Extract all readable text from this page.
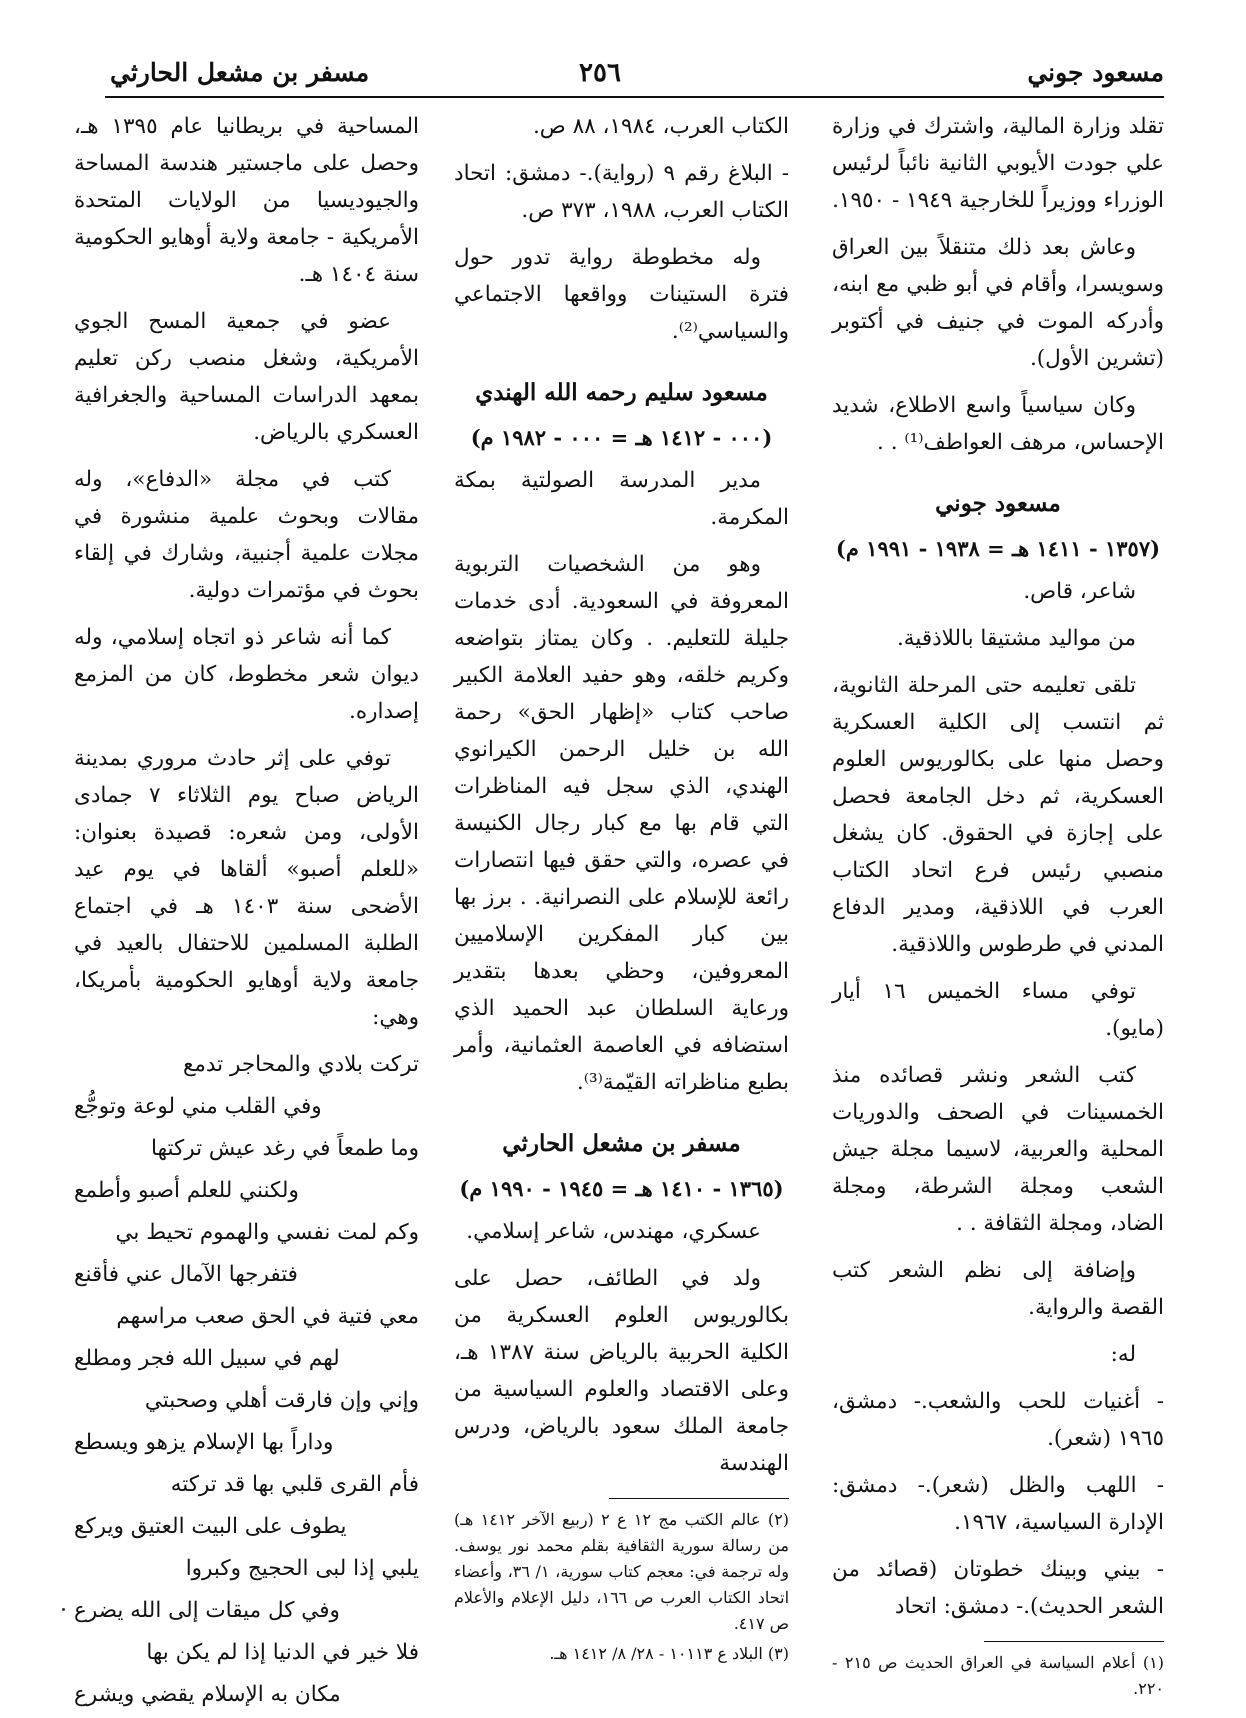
مسعود جوني
٢٥٦
مسفر بن مشعل الحارثي

تقلد وزارة المالية، واشترك في وزارة علي جودت الأيوبي الثانية نائباً لرئيس الوزراء ووزيراً للخارجية ١٩٤٩ - ١٩٥٠.

وعاش بعد ذلك متنقلاً بين العراق وسويسرا، وأقام في أبو ظبي مع ابنه، وأدركه الموت في جنيف في أكتوبر (تشرين الأول).

وكان سياسياً واسع الاطلاع، شديد الإحساس، مرهف العواطف⁽¹⁾ . .

مسعود جوني

(١٣٥٧ - ١٤١١ هـ = ١٩٣٨ - ١٩٩١ م)

شاعر، قاص.

من مواليد مشتيقا باللاذقية.

تلقى تعليمه حتى المرحلة الثانوية، ثم انتسب إلى الكلية العسكرية وحصل منها على بكالوريوس العلوم العسكرية، ثم دخل الجامعة فحصل على إجازة في الحقوق. كان يشغل منصبي رئيس فرع اتحاد الكتاب العرب في اللاذقية، ومدير الدفاع المدني في طرطوس واللاذقية.

توفي مساء الخميس ١٦ أيار (مايو).

كتب الشعر ونشر قصائده منذ الخمسينات في الصحف والدوريات المحلية والعربية، لاسيما مجلة جيش الشعب ومجلة الشرطة، ومجلة الضاد، ومجلة الثقافة . .

وإضافة إلى نظم الشعر كتب القصة والرواية.

له:

- أغنيات للحب والشعب.- دمشق، ١٩٦٥ (شعر).

- اللهب والظل (شعر).- دمشق: الإدارة السياسية، ١٩٦٧.

- بيني وبينك خطوتان (قصائد من الشعر الحديث).- دمشق: اتحاد

(١) أعلام السياسة في العراق الحديث ص ٢١٥ - ٢٢٠.

الكتاب العرب، ١٩٨٤، ٨٨ ص.

- البلاغ رقم ٩ (رواية).- دمشق: اتحاد الكتاب العرب، ١٩٨٨، ٣٧٣ ص.

وله مخطوطة رواية تدور حول فترة الستينات وواقعها الاجتماعي والسياسي⁽²⁾.

مسعود سليم رحمه الله الهندي

(٠٠٠ - ١٤١٢ هـ = ٠٠٠ - ١٩٨٢ م)

مدير المدرسة الصولتية بمكة المكرمة.

وهو من الشخصيات التربوية المعروفة في السعودية. أدى خدمات جليلة للتعليم. . وكان يمتاز بتواضعه وكريم خلقه، وهو حفيد العلامة الكبير صاحب كتاب «إظهار الحق» رحمة الله بن خليل الرحمن الكيرانوي الهندي، الذي سجل فيه المناظرات التي قام بها مع كبار رجال الكنيسة في عصره، والتي حقق فيها انتصارات رائعة للإسلام على النصرانية. . برز بها بين كبار المفكرين الإسلاميين المعروفين، وحظي بعدها بتقدير ورعاية السلطان عبد الحميد الذي استضافه في العاصمة العثمانية، وأمر بطبع مناظراته القيّمة⁽³⁾.

مسفر بن مشعل الحارثي

(١٣٦٥ - ١٤١٠ هـ = ١٩٤٥ - ١٩٩٠ م)

عسكري، مهندس، شاعر إسلامي.

ولد في الطائف، حصل على بكالوريوس العلوم العسكرية من الكلية الحربية بالرياض سنة ١٣٨٧ هـ، وعلى الاقتصاد والعلوم السياسية من جامعة الملك سعود بالرياض، ودرس الهندسة

(٢) عالم الكتب مج ١٢ ع ٢ (ربيع الآخر ١٤١٢ هـ) من رسالة سورية الثقافية بقلم محمد نور يوسف. وله ترجمة في: معجم كتاب سورية، ١/ ٣٦، وأعضاء اتحاد الكتاب العرب ص ١٦٦، دليل الإعلام والأعلام ص ٤١٧.

(٣) البلاد ع ١٠١١٣ - ٢٨/ ٨/ ١٤١٢ هـ.

المساحية في بريطانيا عام ١٣٩٥ هـ، وحصل على ماجستير هندسة المساحة والجيوديسيا من الولايات المتحدة الأمريكية - جامعة ولاية أوهايو الحكومية سنة ١٤٠٤ هـ.

عضو في جمعية المسح الجوي الأمريكية، وشغل منصب ركن تعليم بمعهد الدراسات المساحية والجغرافية العسكري بالرياض.

كتب في مجلة «الدفاع»، وله مقالات وبحوث علمية منشورة في مجلات علمية أجنبية، وشارك في إلقاء بحوث في مؤتمرات دولية.

كما أنه شاعر ذو اتجاه إسلامي، وله ديوان شعر مخطوط، كان من المزمع إصداره.

توفي على إثر حادث مروري بمدينة الرياض صباح يوم الثلاثاء ٧ جمادى الأولى، ومن شعره: قصيدة بعنوان: «للعلم أصبو» ألقاها في يوم عيد الأضحى سنة ١٤٠٣ هـ في اجتماع الطلبة المسلمين للاحتفال بالعيد في جامعة ولاية أوهايو الحكومية بأمريكا، وهي:

تركت بلادي والمحاجر تدمع

وفي القلب مني لوعة وتوجُّع

وما طمعاً في رغد عيش تركتها

ولكنني للعلم أصبو وأطمع

وكم لمت نفسي والهموم تحيط بي

فتفرجها الآمال عني فأقنع

معي فتية في الحق صعب مراسهم

لهم في سبيل الله فجر ومطلع

وإني وإن فارقت أهلي وصحبتي

وداراً بها الإسلام يزهو ويسطع

فأم القرى قلبي بها قد تركته

يطوف على البيت العتيق ويركع

يلبي إذا لبى الحجيج وكبروا

وفي كل ميقات إلى الله يضرع

فلا خير في الدنيا إذا لم يكن بها

مكان به الإسلام يقضي ويشرع
